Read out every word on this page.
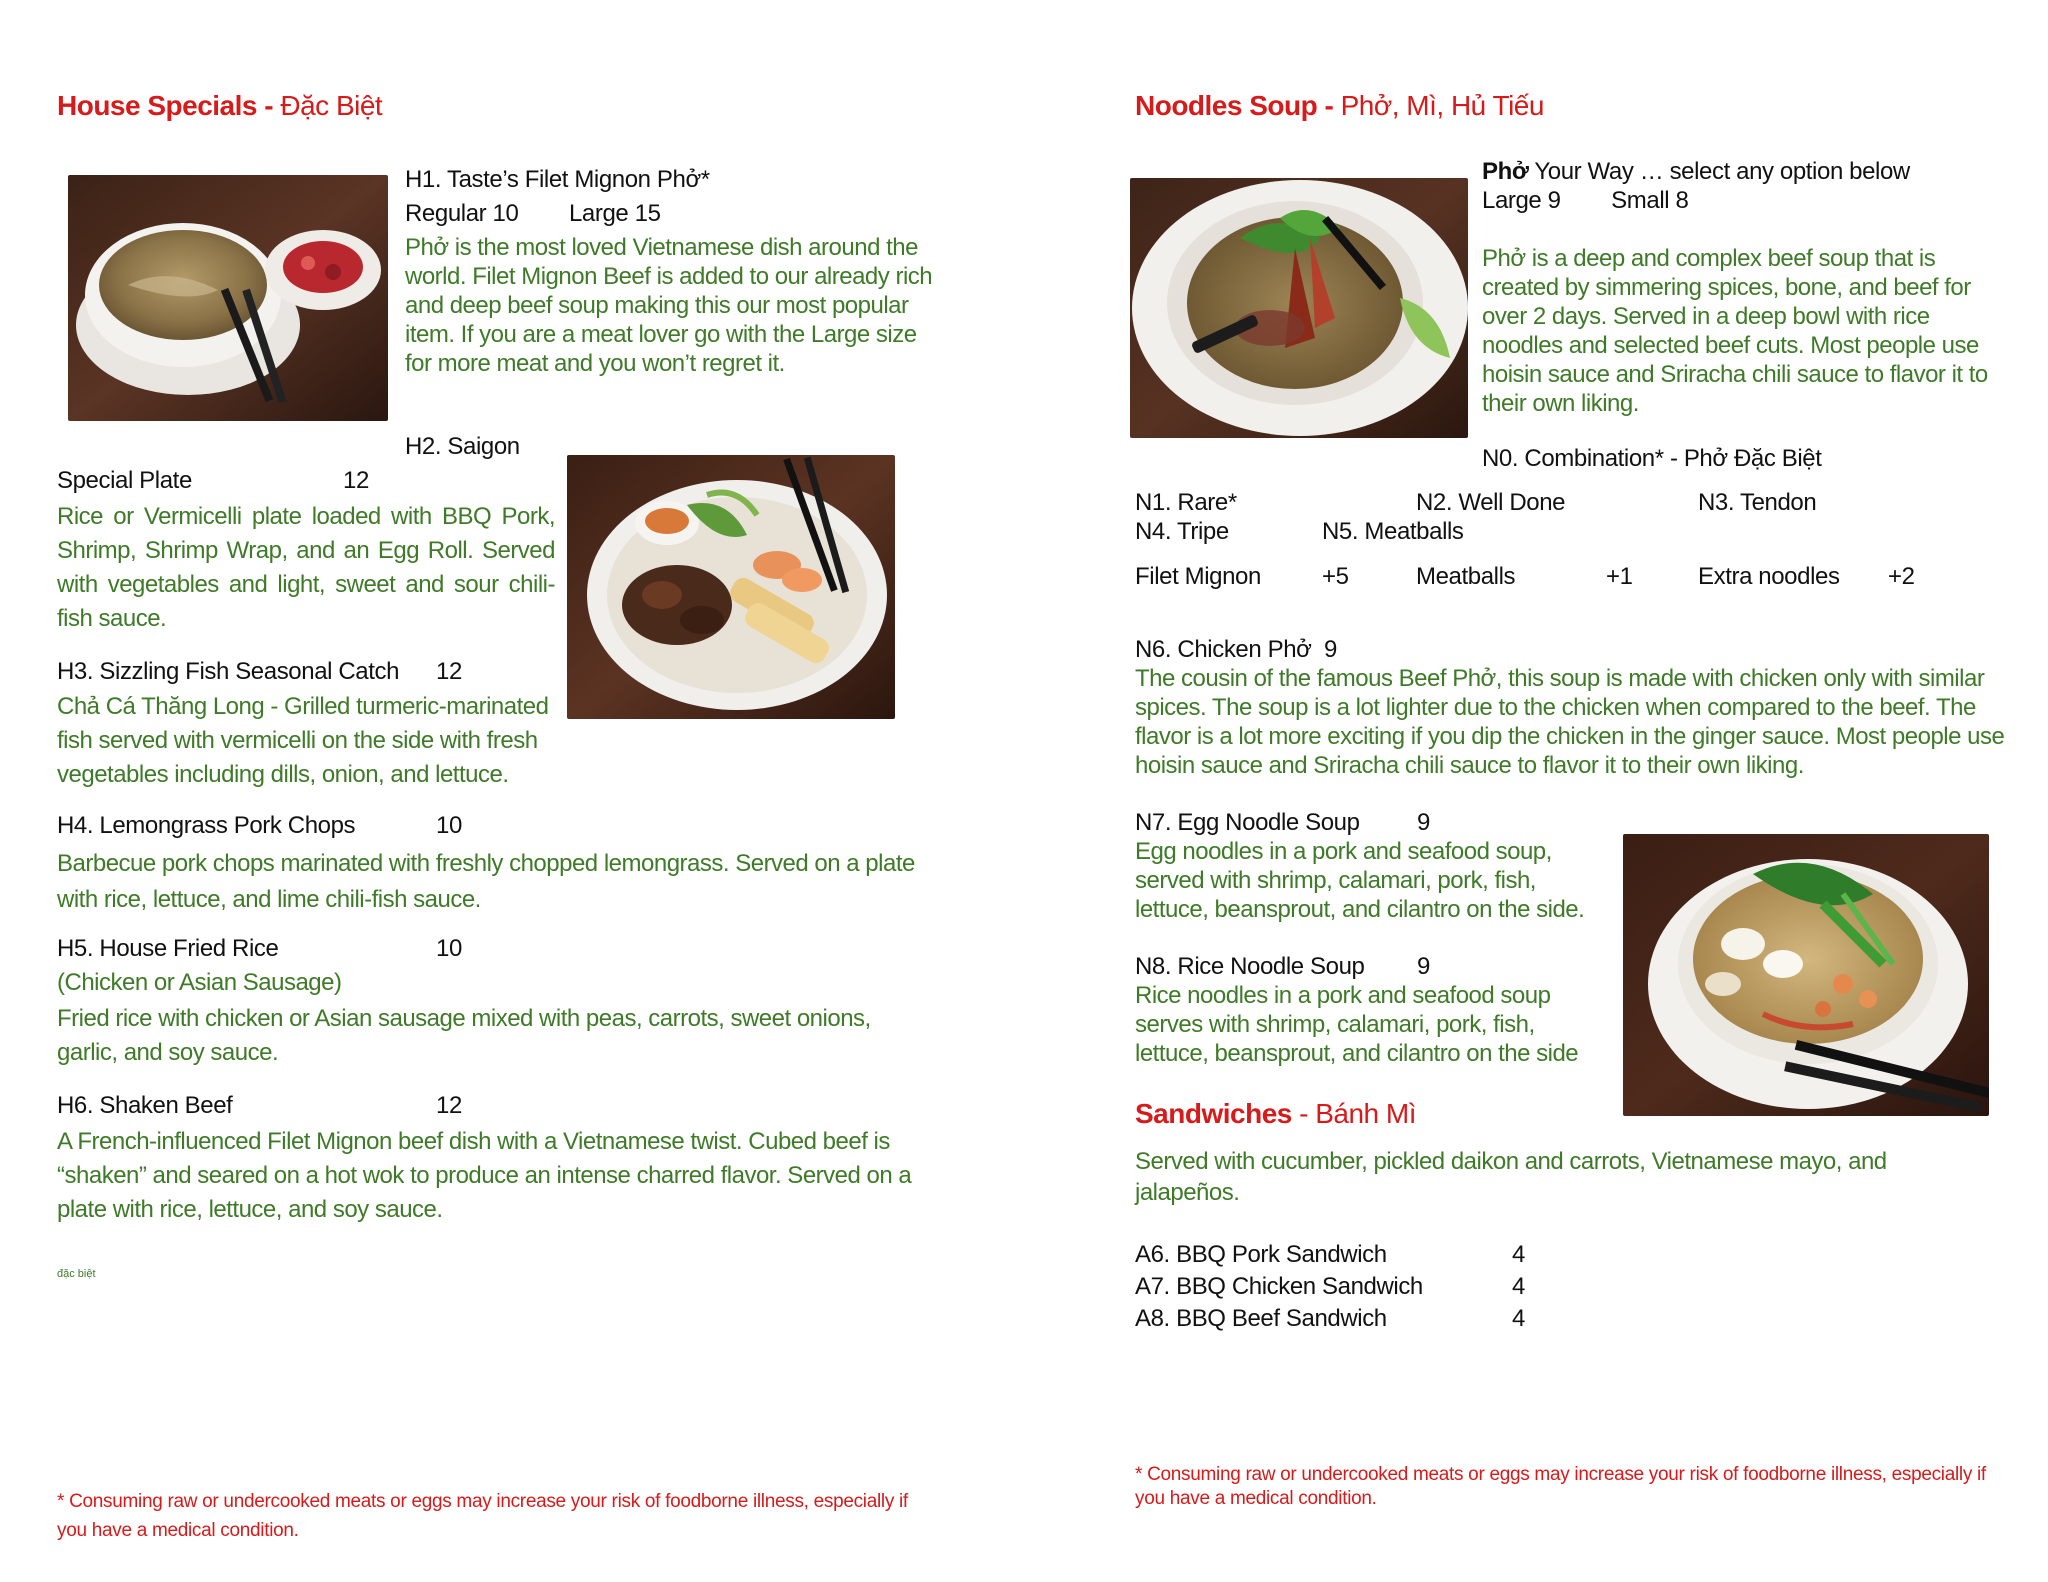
House Specials - Đặc Biệt
H1. Taste’s Filet Mignon Phở*
Regular 10 Large 15
Phở is the most loved Vietnamese dish around the world. Filet Mignon Beef is added to our already rich and deep beef soup making this our most popular item. If you are a meat lover go with the Large size for more meat and you won’t regret it.
H2. Saigon
Special Plate	12
Rice or Vermicelli plate loaded with BBQ Pork, Shrimp, Shrimp Wrap, and an Egg Roll. Served with vegetables and light, sweet and sour chili-fish sauce.
H3. Sizzling Fish Seasonal Catch 12
Chả Cá Thăng Long - Grilled turmeric-marinated fish served with vermicelli on the side with fresh vegetables including dills, onion, and lettuce.
H4. Lemongrass Pork Chops	10
Barbecue pork chops marinated with freshly chopped lemongrass. Served on a plate with rice, lettuce, and lime chili-fish sauce.
H5. House Fried Rice	10
(Chicken or Asian Sausage)
Fried rice with chicken or Asian sausage mixed with peas, carrots, sweet onions, garlic, and soy sauce.
H6. Shaken Beef	12
A French-influenced Filet Mignon beef dish with a Vietnamese twist. Cubed beef is “shaken” and seared on a hot wok to produce an intense charred flavor. Served on a plate with rice, lettuce, and soy sauce.
đặc biệt
* Consuming raw or undercooked meats or eggs may increase your risk of foodborne illness, especially if you have a medical condition.
Noodles Soup - Phở, Mì, Hủ Tiếu
Phở Your Way … select any option below
Large 9 Small 8
Phở is a deep and complex beef soup that is created by simmering spices, bone, and beef for over 2 days. Served in a deep bowl with rice noodles and selected beef cuts. Most people use hoisin sauce and Sriracha chili sauce to flavor it to their own liking.
N0. Combination* - Phở Đặc Biệt
N1. Rare*	N2. Well Done	N3. Tendon
N4. Tripe	N5. Meatballs
Filet Mignon	+5	Meatballs	+1	Extra noodles +2
N6. Chicken Phở 9
The cousin of the famous Beef Phở, this soup is made with chicken only with similar spices. The soup is a lot lighter due to the chicken when compared to the beef. The flavor is a lot more exciting if you dip the chicken in the ginger sauce. Most people use hoisin sauce and Sriracha chili sauce to flavor it to their own liking.
N7. Egg Noodle Soup 9
Egg noodles in a pork and seafood soup, served with shrimp, calamari, pork, fish, lettuce, beansprout, and cilantro on the side.
N8. Rice Noodle Soup 9
Rice noodles in a pork and seafood soup serves with shrimp, calamari, pork, fish, lettuce, beansprout, and cilantro on the side
Sandwiches - Bánh Mì
Served with cucumber, pickled daikon and carrots, Vietnamese mayo, and jalapeños.
A6. BBQ Pork Sandwich	4
A7. BBQ Chicken Sandwich	4
A8. BBQ Beef Sandwich	4
* Consuming raw or undercooked meats or eggs may increase your risk of foodborne illness, especially if you have a medical condition.
